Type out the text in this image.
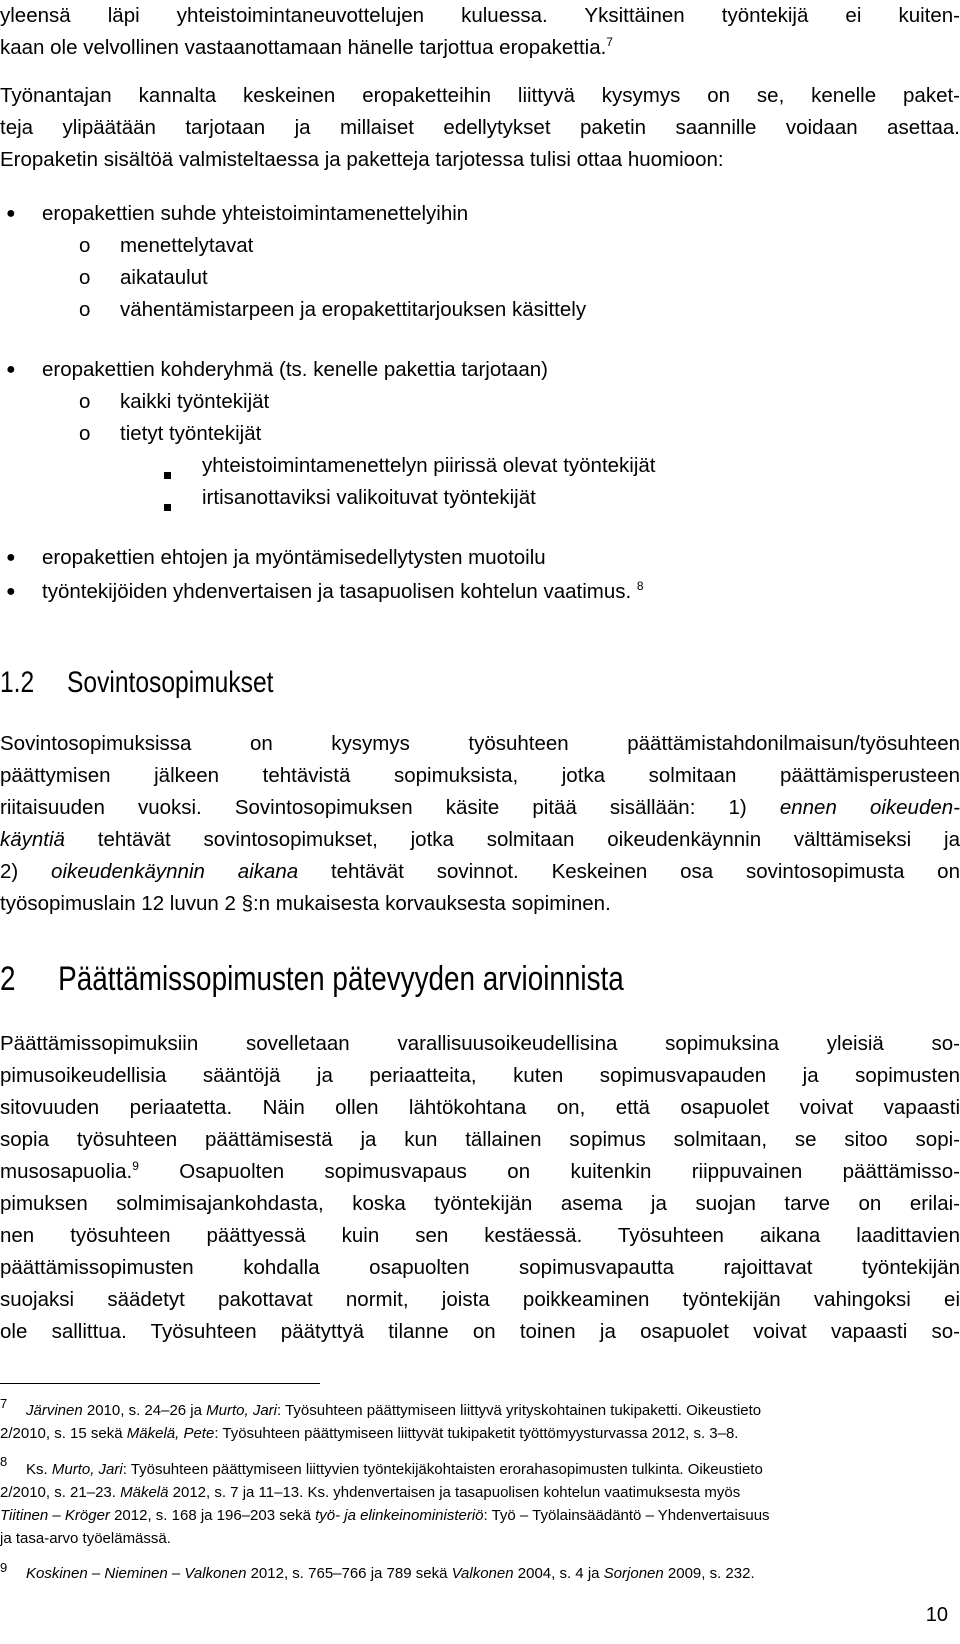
yleensä läpi yhteistoimintaneuvottelujen kuluessa. Yksittäinen työntekijä ei kuiten-
kaan ole velvollinen vastaanottamaan hänelle tarjottua eropakettia.$^7$
Työnantajan kannalta keskeinen eropaketteihin liittyvä kysymys on se, kenelle paket-
teja ylipäätään tarjotaan ja millaiset edellytykset paketin saannille voidaan asettaa.
Eropaketin sisältöä valmisteltaessa ja paketteja tarjotessa tulisi ottaa huomioon:
● eropakettien suhde yhteistoimintamenettelyihin
o menettelytavat
o aikataulut
o vähentämistarpeen ja eropakettitarjouksen käsittely
● eropakettien kohderyhmä (ts. kenelle pakettia tarjotaan)
o kaikki työntekijät
o tietyt työntekijät
yhteistoimintamenettelyn piirissä olevat työntekijät
irtisanottaviksi valikoituvat työntekijät
● eropakettien ehtojen ja myöntämisedellytysten muotoilu
● työntekijöiden yhdenvertaisen ja tasapuolisen kohtelun vaatimus. $^8$
1.2 Sovintosopimukset
Sovintosopimuksissa on kysymys työsuhteen päättämistahdonilmaisun/työsuhteen
päättymisen jälkeen tehtävistä sopimuksista, jotka solmitaan päättämisperusteen
riitaisuuden vuoksi. Sovintosopimuksen käsite pitää sisällään: 1) ennen oikeuden-
käyntiä tehtävät sovintosopimukset, jotka solmitaan oikeudenkäynnin välttämiseksi ja
2) oikeudenkäynnin aikana tehtävät sovinnot. Keskeinen osa sovintosopimusta on
työsopimuslain 12 luvun 2 §:n mukaisesta korvauksesta sopiminen.
2 Päättämissopimusten pätevyyden arvioinnista
Päättämissopimuksiin sovelletaan varallisuusoikeudellisina sopimuksina yleisiä so-
pimusoikeudellisia sääntöjä ja periaatteita, kuten sopimusvapauden ja sopimusten
sitovuuden periaatetta. Näin ollen lähtökohtana on, että osapuolet voivat vapaasti
sopia työsuhteen päättämisestä ja kun tällainen sopimus solmitaan, se sitoo sopi-
musosapuolia.$^9$ Osapuolten sopimusvapaus on kuitenkin riippuvainen päättämisso-
pimuksen solmimisajankohdasta, koska työntekijän asema ja suojan tarve on erilai-
nen työsuhteen päättyessä kuin sen kestäessä. Työsuhteen aikana laadittavien
päättämissopimusten kohdalla osapuolten sopimusvapautta rajoittavat työntekijän
suojaksi säädetyt pakottavat normit, joista poikkeaminen työntekijän vahingoksi ei
ole sallittua. Työsuhteen päätyttyä tilanne on toinen ja osapuolet voivat vapaasti so-
7 Järvinen 2010, s. 24–26 ja Murto, Jari: Työsuhteen päättymiseen liittyvä yrityskohtainen tukipaketti. Oikeustieto
2/2010, s. 15 sekä Mäkelä, Pete: Työsuhteen päättymiseen liittyvät tukipaketit työttömyysturvassa 2012, s. 3–8.
8 Ks. Murto, Jari: Työsuhteen päättymiseen liittyvien työntekijäkohtaisten erorahasopimusten tulkinta. Oikeustieto
2/2010, s. 21–23. Mäkelä 2012, s. 7 ja 11–13. Ks. yhdenvertaisen ja tasapuolisen kohtelun vaatimuksesta myös
Tiitinen – Kröger 2012, s. 168 ja 196–203 sekä työ- ja elinkeinoministeriö: Työ – Työlainsäädäntö – Yhdenvertaisuus
ja tasa-arvo työelämässä.
9 Koskinen – Nieminen – Valkonen 2012, s. 765–766 ja 789 sekä Valkonen 2004, s. 4 ja Sorjonen 2009, s. 232.
10
